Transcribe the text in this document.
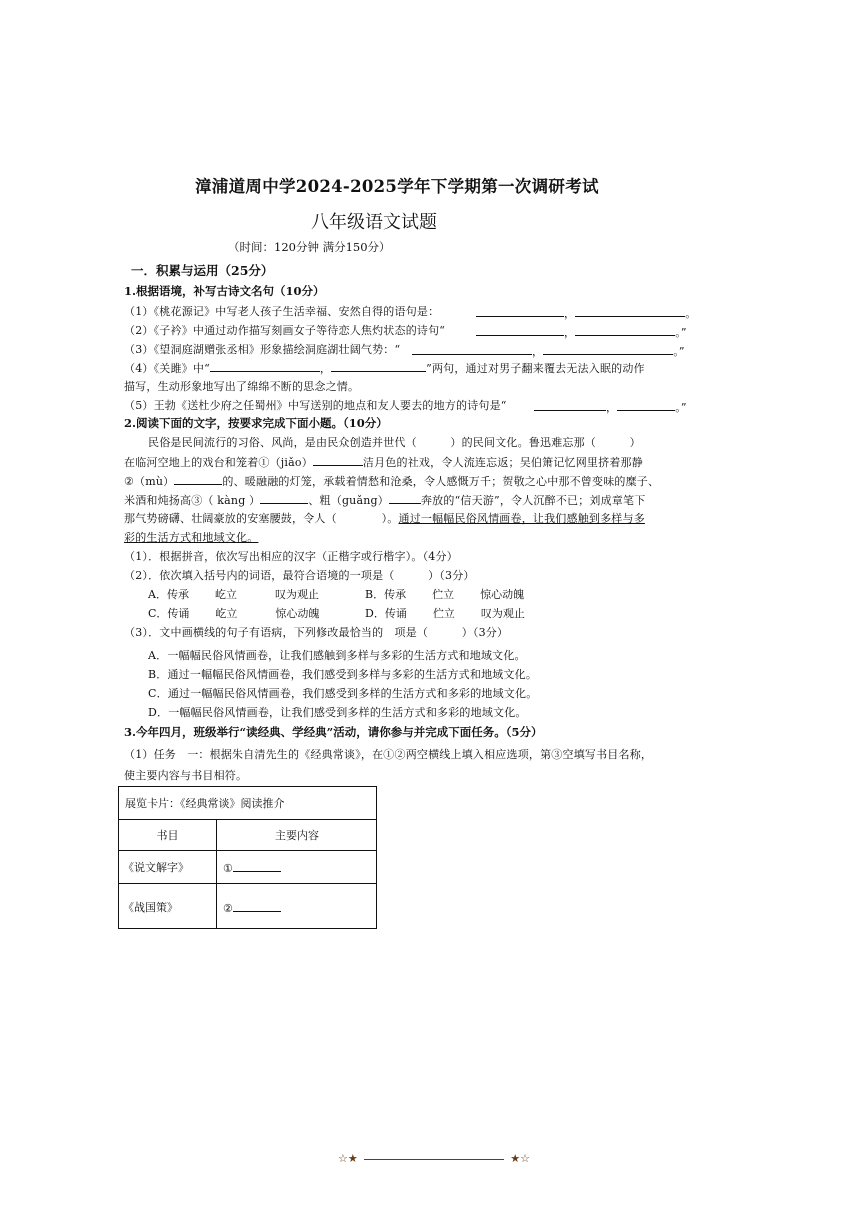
漳浦道周中学2024-2025学年下学期第一次调研考试
八年级语文试题
（时间：120分钟 满分150分）
一．积累与运用（25分）
1.根据语境，补写古诗文名句（10分）
（1）《桃花源记》中写老人孩子生活幸福、安然自得的语句是：	，	。
（2）《子衿》中通过动作描写刻画女子等待恋人焦灼状态的诗句“	，	。”
（3）《望洞庭湖赠张丞相》形象描绘洞庭湖壮阔气势：“	，	。”
（4）《关雎》中“	，	”两句，通过对男子翻来覆去无法入眠的动作
描写，生动形象地写出了绵绵不断的思念之情。
（5）王勃《送杜少府之任蜀州》中写送别的地点和友人要去的地方的诗句是“	，	。”
2.阅读下面的文字，按要求完成下面小题。（10分）
民俗是民间流行的习俗、风尚，是由民众创造并世代（　　　）的民间文化。鲁迅难忘那（　　　）
在临河空地上的戏台和笼着①（jiǎo）	洁月色的社戏，令人流连忘返；吴伯箫记忆网里挤着那静
②（mù）	的、暖融融的灯笼，承载着情愁和沧桑，令人感慨万千；贺敬之心中那不曾变味的糜子、
米酒和炖扬高③（ kàng ）	、粗（guǎng）	奔放的“信天游”，令人沉醉不已；刘成章笔下
那气势磅礴、壮阔豪放的安塞腰鼓，令人（　　　　）。通过一幅幅民俗风情画卷，让我们感触到多样与多
彩的生活方式和地域文化。
（1）．根据拼音，依次写出相应的汉字（正楷字或行楷字）。（4分）
（2）．依次填入括号内的词语，最符合语境的一项是（　　　）（3分）
A．传承 屹立	叹为观止	B．传承 伫立 惊心动魄
C．传诵 屹立	惊心动魄	D．传诵 伫立 叹为观止
（3）．文中画横线的句子有语病，下列修改最恰当的　项是（　　　）（3分）
A．一幅幅民俗风情画卷，让我们感触到多样与多彩的生活方式和地域文化。
B．通过一幅幅民俗风情画卷，我们感受到多样与多彩的生活方式和地域文化。
C．通过一幅幅民俗风情画卷，我们感受到多样的生活方式和多彩的地域文化。
D．一幅幅民俗风情画卷，让我们感受到多样的生活方式和多彩的地域文化。
3.今年四月，班级举行“读经典、学经典”活动，请你参与并完成下面任务。（5分）
（1）任务　一：根据朱自清先生的《经典常谈》，在①②两空横线上填入相应选项，第③空填写书目名称，
使主要内容与书目相符。
展览卡片：《经典常谈》阅读推介
书目	主要内容
《说文解字》	①
《战国策》	②
☆★	★☆
